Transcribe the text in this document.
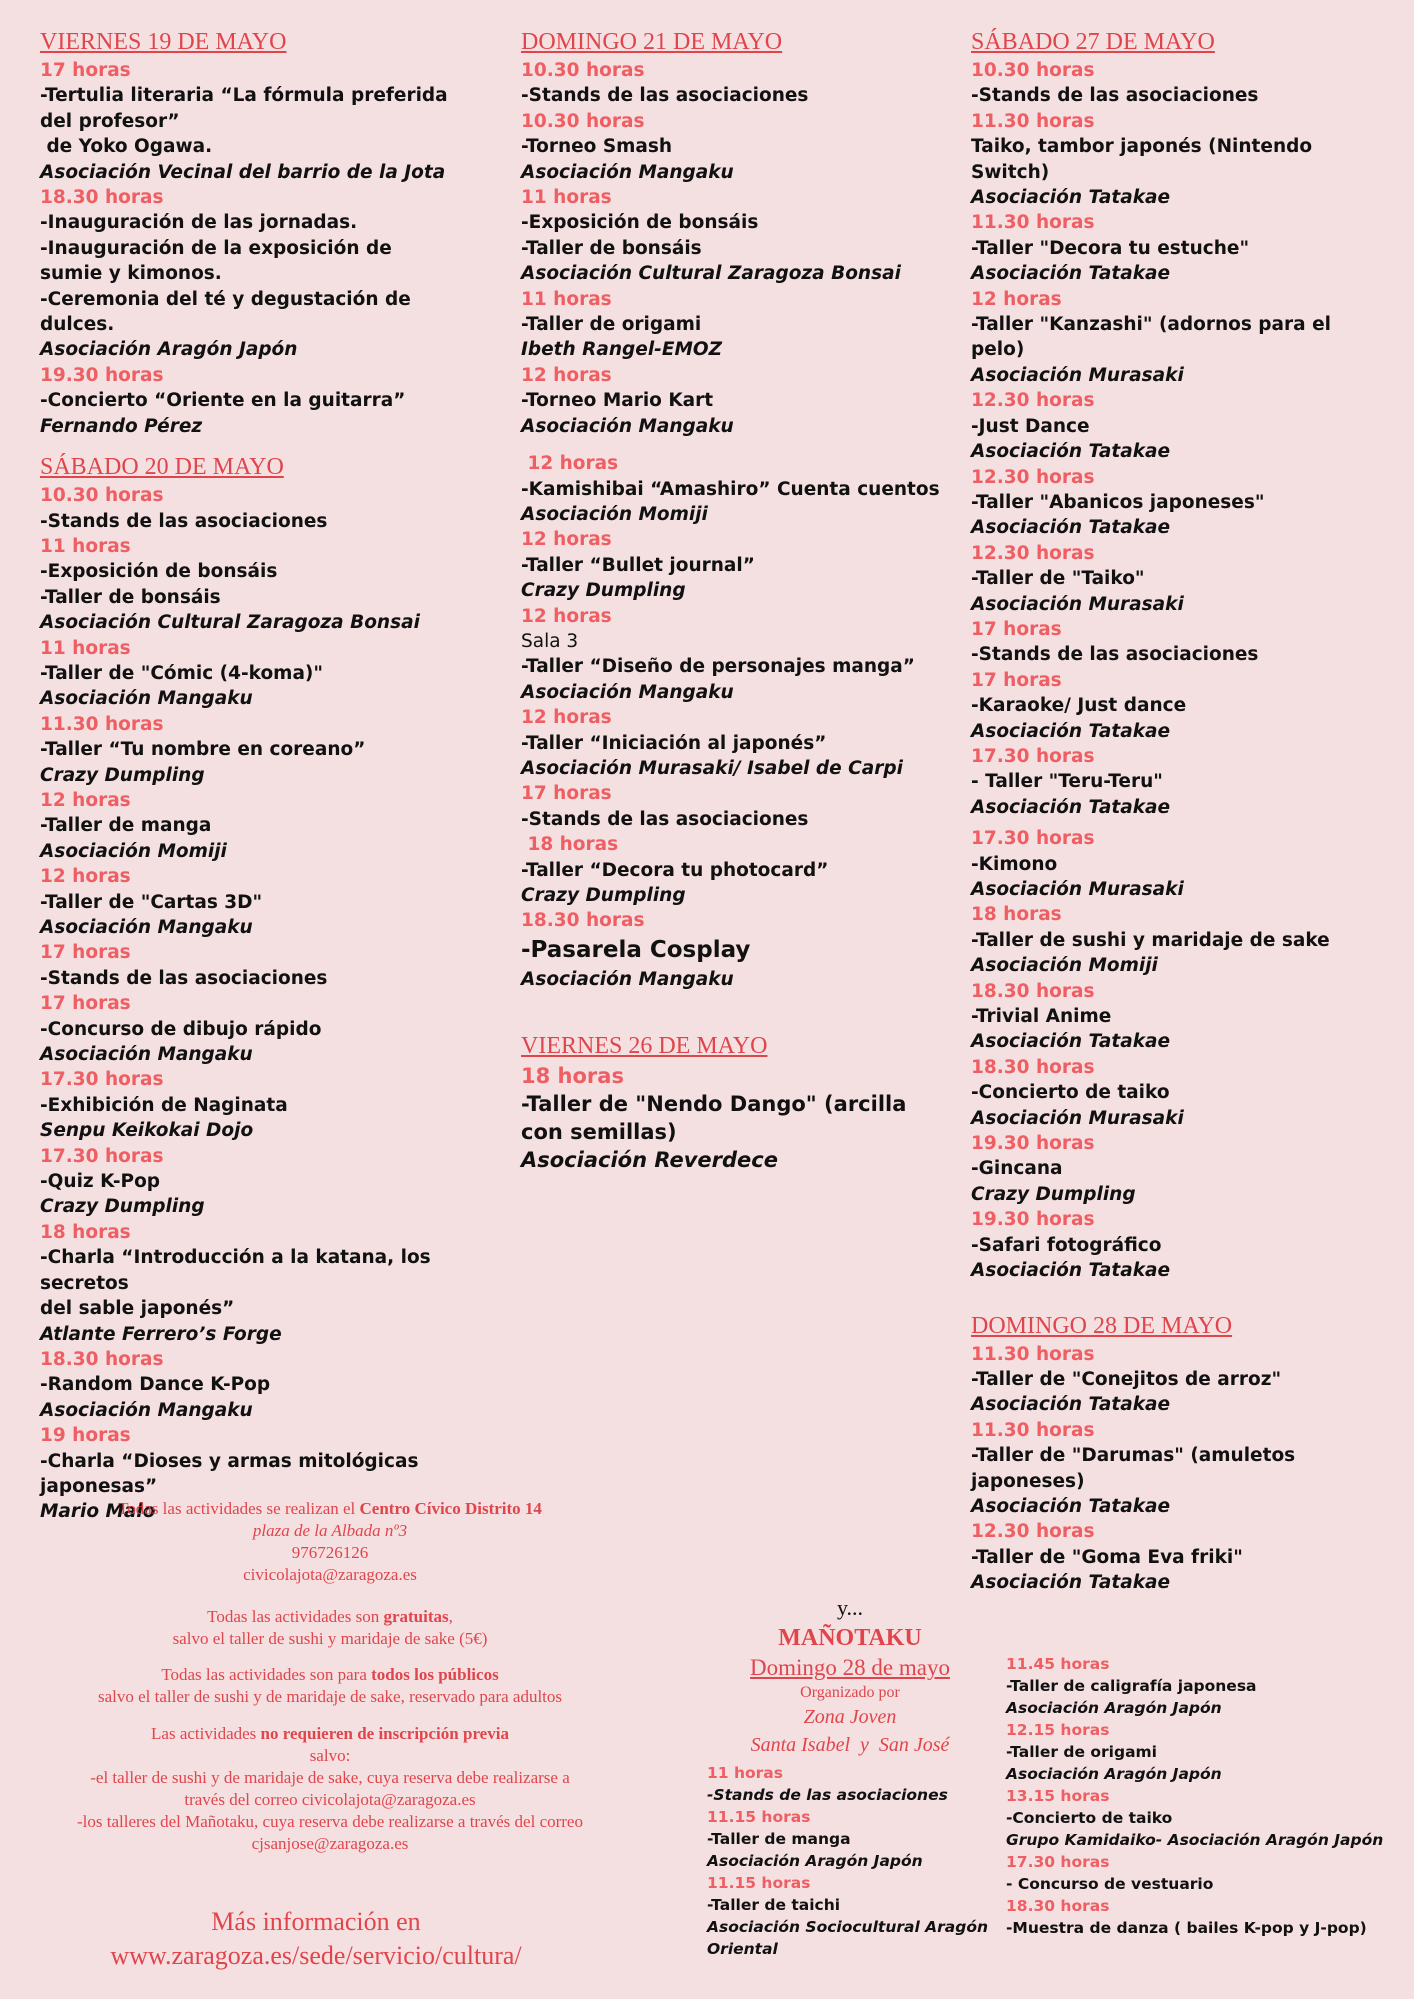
VIERNES 19 DE MAYO
17 horas
-Tertulia literaria “La fórmula preferida
del profesor”
de Yoko Ogawa.
Asociación Vecinal del barrio de la Jota
18.30 horas
-Inauguración de las jornadas.
-Inauguración de la exposición de
sumie y kimonos.
-Ceremonia del té y degustación de
dulces.
Asociación Aragón Japón
19.30 horas
-Concierto “Oriente en la guitarra”
Fernando Pérez
SÁBADO 20 DE MAYO
10.30 horas
-Stands de las asociaciones
11 horas
-Exposición de bonsáis
-Taller de bonsáis
Asociación Cultural Zaragoza Bonsai
11 horas
-Taller de "Cómic (4-koma)"
Asociación Mangaku
11.30 horas
-Taller “Tu nombre en coreano”
Crazy Dumpling
12 horas
-Taller de manga
Asociación Momiji
12 horas
-Taller de "Cartas 3D"
Asociación Mangaku
17 horas
-Stands de las asociaciones
17 horas
-Concurso de dibujo rápido
Asociación Mangaku
17.30 horas
-Exhibición de Naginata
Senpu Keikokai Dojo
17.30 horas
-Quiz K-Pop
Crazy Dumpling
18 horas
-Charla “Introducción a la katana, los secretos
del sable japonés”
Atlante Ferrero’s Forge
18.30 horas
-Random Dance K-Pop
Asociación Mangaku
19 horas
-Charla “Dioses y armas mitológicas japonesas”
Mario Malo
DOMINGO 21 DE MAYO
10.30 horas
-Stands de las asociaciones
10.30 horas
-Torneo Smash
Asociación Mangaku
11 horas
-Exposición de bonsáis
-Taller de bonsáis
Asociación Cultural Zaragoza Bonsai
11 horas
-Taller de origami
Ibeth Rangel-EMOZ
12 horas
-Torneo Mario Kart
Asociación Mangaku
12 horas
-Kamishibai “Amashiro” Cuenta cuentos
Asociación Momiji
12 horas
-Taller “Bullet journal”
Crazy Dumpling
12 horas
Sala 3
-Taller “Diseño de personajes manga”
Asociación Mangaku
12 horas
-Taller “Iniciación al japonés”
Asociación Murasaki/ Isabel de Carpi
17 horas
-Stands de las asociaciones
18 horas
-Taller “Decora tu photocard”
Crazy Dumpling
18.30 horas
-Pasarela Cosplay
Asociación Mangaku
VIERNES 26 DE MAYO
18 horas
-Taller de "Nendo Dango" (arcilla
con semillas)
Asociación Reverdece
SÁBADO 27 DE MAYO
10.30 horas
-Stands de las asociaciones
11.30 horas
Taiko, tambor japonés (Nintendo
Switch)
Asociación Tatakae
11.30 horas
-Taller "Decora tu estuche"
Asociación Tatakae
12 horas
-Taller "Kanzashi" (adornos para el
pelo)
Asociación Murasaki
12.30 horas
-Just Dance
Asociación Tatakae
12.30 horas
-Taller "Abanicos japoneses"
Asociación Tatakae
12.30 horas
-Taller de "Taiko"
Asociación Murasaki
17 horas
-Stands de las asociaciones
17 horas
-Karaoke/ Just dance
Asociación Tatakae
17.30 horas
- Taller "Teru-Teru"
Asociación Tatakae
17.30 horas
-Kimono
Asociación Murasaki
18 horas
-Taller de sushi y maridaje de sake
Asociación Momiji
18.30 horas
-Trivial Anime
Asociación Tatakae
18.30 horas
-Concierto de taiko
Asociación Murasaki
19.30 horas
-Gincana
Crazy Dumpling
19.30 horas
-Safari fotográfico
Asociación Tatakae
DOMINGO 28 DE MAYO
11.30 horas
-Taller de "Conejitos de arroz"
Asociación Tatakae
11.30 horas
-Taller de "Darumas" (amuletos
japoneses)
Asociación Tatakae
12.30 horas
-Taller de "Goma Eva friki"
Asociación Tatakae
Todas las actividades se realizan el Centro Cívico Distrito 14
plaza de la Albada nº3
976726126
civicolajota@zaragoza.es
Todas las actividades son gratuitas,
salvo el taller de sushi y maridaje de sake (5€)
Todas las actividades son para todos los públicos
salvo el taller de sushi y de maridaje de sake, reservado para adultos
Las actividades no requieren de inscripción previa
salvo:
-el taller de sushi y de maridaje de sake, cuya reserva debe realizarse a
través del correo civicolajota@zaragoza.es
-los talleres del Mañotaku, cuya reserva debe realizarse a través del correo
cjsanjose@zaragoza.es
Más información en
www.zaragoza.es/sede/servicio/cultura/
y...
MAÑOTAKU
Domingo 28 de mayo
Organizado por
Zona Joven
Santa Isabel  y  San José
11 horas
-Stands de las asociaciones
11.15 horas
-Taller de manga
Asociación Aragón Japón
11.15 horas
-Taller de taichi
Asociación Sociocultural Aragón
Oriental
11.45 horas
-Taller de caligrafía japonesa
Asociación Aragón Japón
12.15 horas
-Taller de origami
Asociación Aragón Japón
13.15 horas
-Concierto de taiko
Grupo Kamidaiko- Asociación Aragón Japón
17.30 horas
- Concurso de vestuario
18.30 horas
-Muestra de danza ( bailes K-pop y J-pop)
